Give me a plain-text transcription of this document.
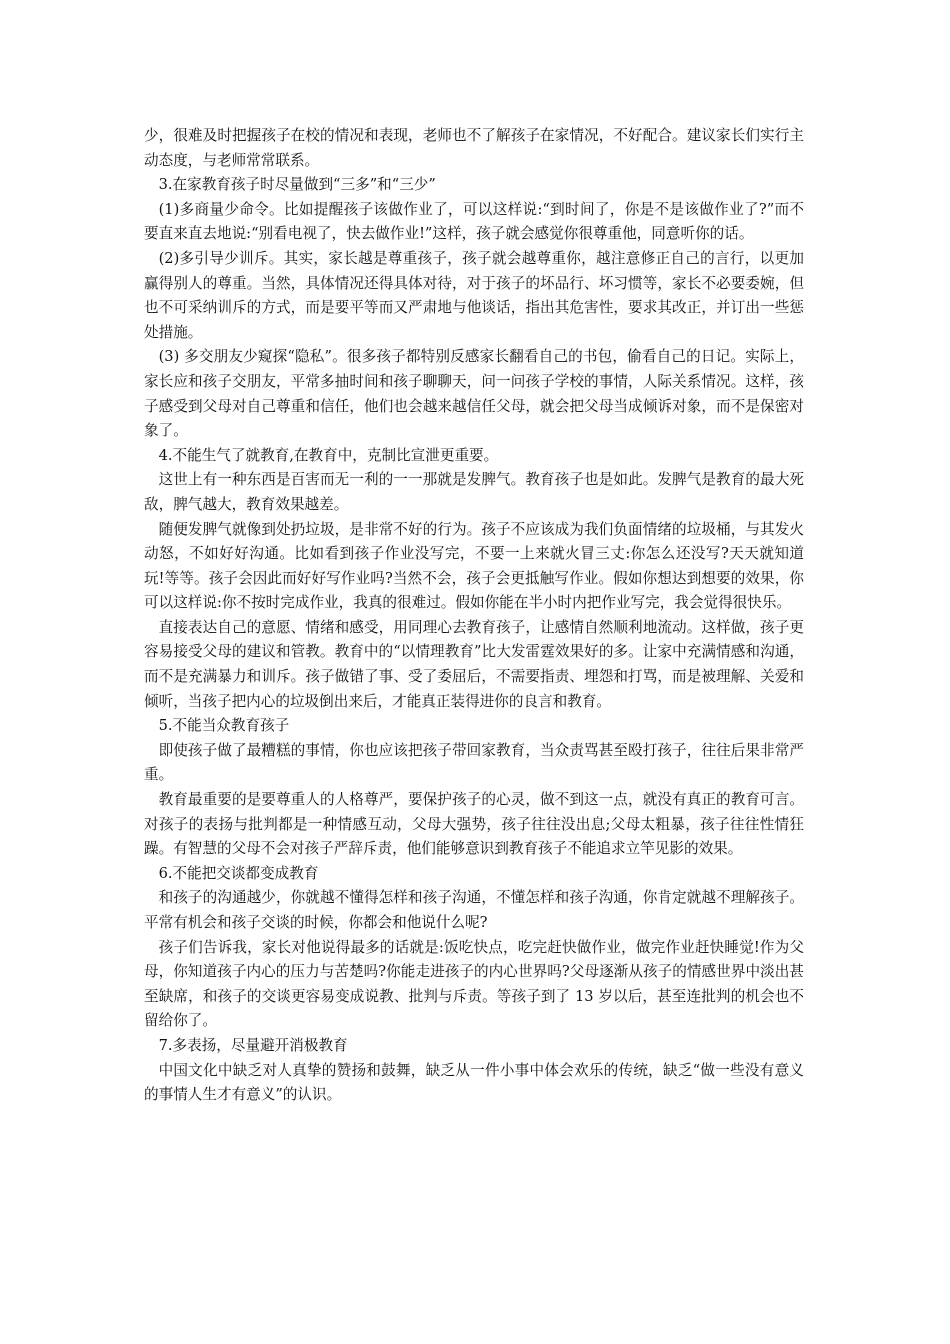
少，很难及时把握孩子在校的情况和表现，老师也不了解孩子在家情况，不好配合。建议家长们实行主动态度，与老师常常联系。

3.在家教育孩子时尽量做到“三多”和“三少”

(1)多商量少命令。比如提醒孩子该做作业了，可以这样说:“到时间了，你是不是该做作业了?”而不要直来直去地说:“别看电视了，快去做作业!”这样，孩子就会感觉你很尊重他，同意听你的话。

(2)多引导少训斥。其实，家长越是尊重孩子，孩子就会越尊重你，越注意修正自己的言行，以更加赢得别人的尊重。当然，具体情况还得具体对待，对于孩子的坏品行、坏习惯等，家长不必要委婉，但也不可采纳训斥的方式，而是要平等而又严肃地与他谈话，指出其危害性，要求其改正，并订出一些惩处措施。

(3) 多交朋友少窥探“隐私”。很多孩子都特别反感家长翻看自己的书包，偷看自己的日记。实际上，家长应和孩子交朋友，平常多抽时间和孩子聊聊天，问一问孩子学校的事情，人际关系情况。这样，孩子感受到父母对自己尊重和信任，他们也会越来越信任父母，就会把父母当成倾诉对象，而不是保密对象了。

4.不能生气了就教育,在教育中，克制比宣泄更重要。

这世上有一种东西是百害而无一利的一一那就是发脾气。教育孩子也是如此。发脾气是教育的最大死敌，脾气越大，教育效果越差。

随便发脾气就像到处扔垃圾，是非常不好的行为。孩子不应该成为我们负面情绪的垃圾桶，与其发火动怒，不如好好沟通。比如看到孩子作业没写完，不要一上来就火冒三丈:你怎么还没写?天天就知道玩!等等。孩子会因此而好好写作业吗?当然不会，孩子会更抵触写作业。假如你想达到想要的效果，你可以这样说:你不按时完成作业，我真的很难过。假如你能在半小时内把作业写完，我会觉得很快乐。

直接表达自己的意愿、情绪和感受，用同理心去教育孩子，让感情自然顺利地流动。这样做，孩子更容易接受父母的建议和管教。教育中的“以情理教育”比大发雷霆效果好的多。让家中充满情感和沟通，而不是充满暴力和训斥。孩子做错了事、受了委屈后，不需要指责、埋怨和打骂，而是被理解、关爱和倾听，当孩子把内心的垃圾倒出来后，才能真正装得进你的良言和教育。

5.不能当众教育孩子

即使孩子做了最糟糕的事情，你也应该把孩子带回家教育，当众责骂甚至殴打孩子，往往后果非常严重。

教育最重要的是要尊重人的人格尊严，要保护孩子的心灵，做不到这一点，就没有真正的教育可言。对孩子的表扬与批判都是一种情感互动，父母大强势，孩子往往没出息;父母太粗暴，孩子往往性情狂躁。有智慧的父母不会对孩子严辞斥责，他们能够意识到教育孩子不能追求立竿见影的效果。

6.不能把交谈都变成教育

和孩子的沟通越少，你就越不懂得怎样和孩子沟通，不懂怎样和孩子沟通，你肯定就越不理解孩子。平常有机会和孩子交谈的时候，你都会和他说什么呢?

孩子们告诉我，家长对他说得最多的话就是:饭吃快点，吃完赶快做作业，做完作业赶快睡觉!作为父母，你知道孩子内心的压力与苦楚吗?你能走进孩子的内心世界吗?父母逐渐从孩子的情感世界中淡出甚至缺席，和孩子的交谈更容易变成说教、批判与斥责。等孩子到了 13 岁以后，甚至连批判的机会也不留给你了。

7.多表扬，尽量避开消极教育

中国文化中缺乏对人真挚的赞扬和鼓舞，缺乏从一件小事中体会欢乐的传统，缺乏“做一些没有意义的事情人生才有意义”的认识。
